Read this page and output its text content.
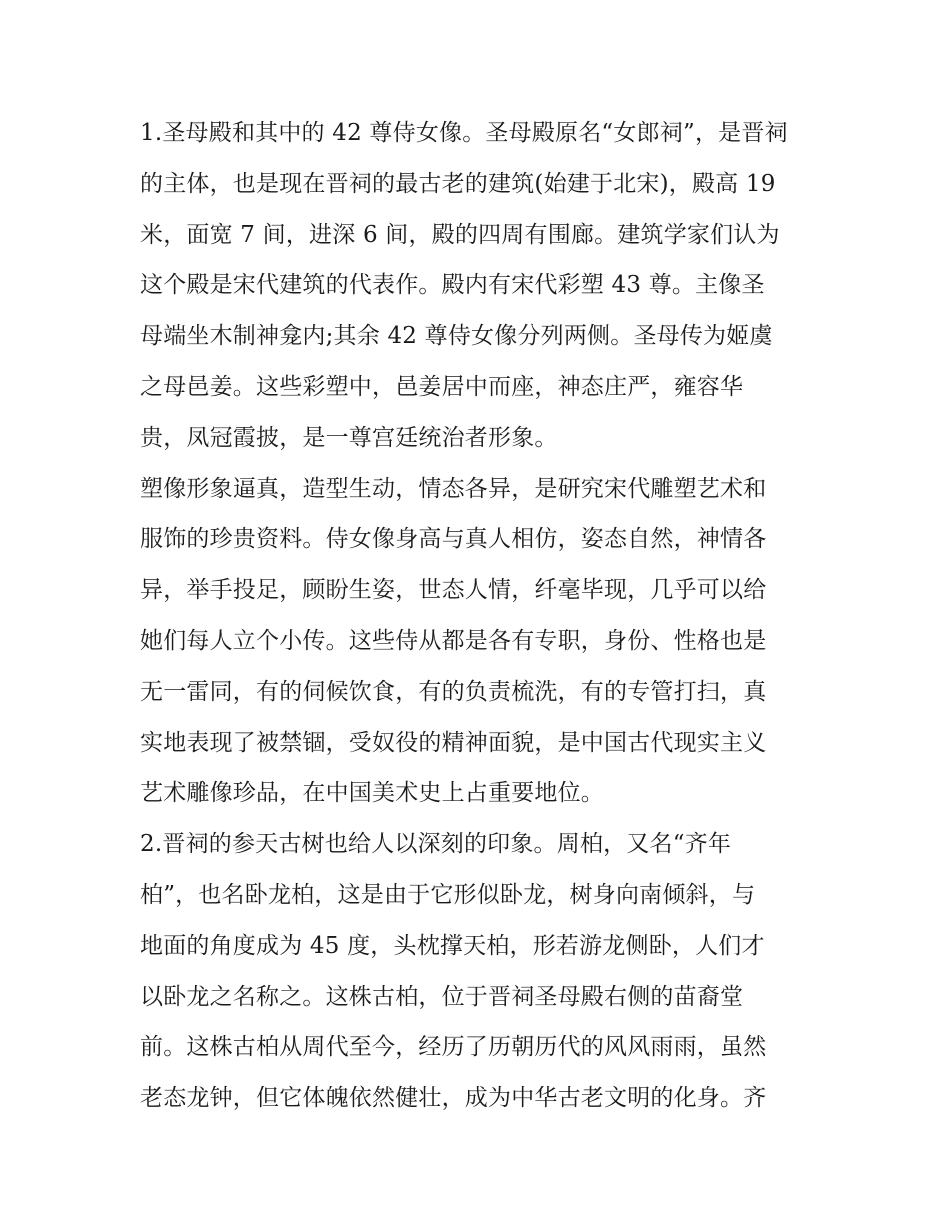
1.圣母殿和其中的 42 尊侍女像。圣母殿原名“女郎祠”，是晋祠
的主体，也是现在晋祠的最古老的建筑(始建于北宋)，殿高 19
米，面宽 7 间，进深 6 间，殿的四周有围廊。建筑学家们认为
这个殿是宋代建筑的代表作。殿内有宋代彩塑 43 尊。主像圣
母端坐木制神龛内;其余 42 尊侍女像分列两侧。圣母传为姬虞
之母邑姜。这些彩塑中，邑姜居中而座，神态庄严，雍容华
贵，凤冠霞披，是一尊宫廷统治者形象。
塑像形象逼真，造型生动，情态各异，是研究宋代雕塑艺术和
服饰的珍贵资料。侍女像身高与真人相仿，姿态自然，神情各
异，举手投足，顾盼生姿，世态人情，纤毫毕现，几乎可以给
她们每人立个小传。这些侍从都是各有专职，身份、性格也是
无一雷同，有的伺候饮食，有的负责梳洗，有的专管打扫，真
实地表现了被禁锢，受奴役的精神面貌，是中国古代现实主义
艺术雕像珍品，在中国美术史上占重要地位。
2.晋祠的参天古树也给人以深刻的印象。周柏，又名“齐年
柏”，也名卧龙柏，这是由于它形似卧龙，树身向南倾斜，与
地面的角度成为 45 度，头枕撑天柏，形若游龙侧卧，人们才
以卧龙之名称之。这株古柏，位于晋祠圣母殿右侧的苗裔堂
前。这株古柏从周代至今，经历了历朝历代的风风雨雨，虽然
老态龙钟，但它体魄依然健壮，成为中华古老文明的化身。齐
